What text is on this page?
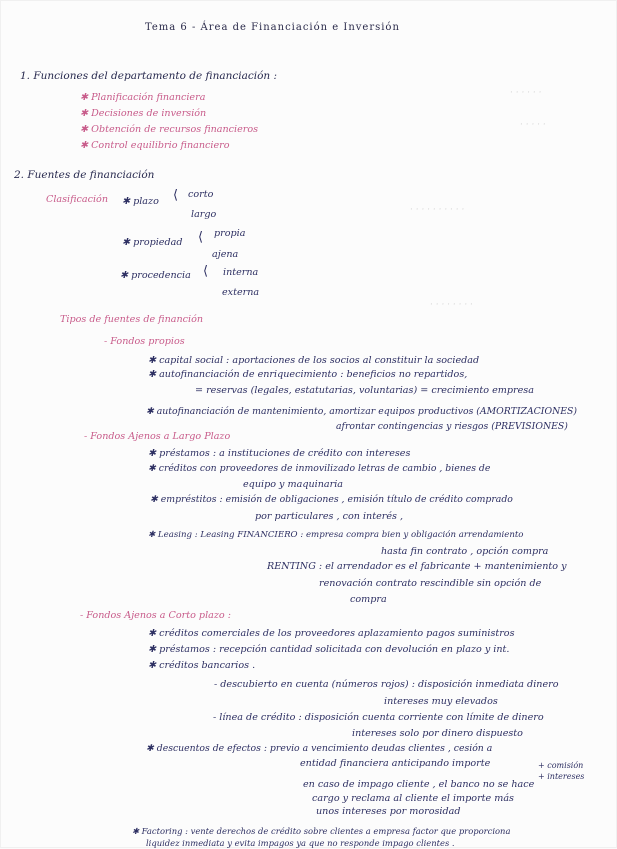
· · · · · ·
· · · · ·
· · · · · · · · · ·
· · · · · · · ·
Tema 6 - Área de Financiación e Inversión
1. Funciones del departamento de financiación :
✱ Planificación financiera
✱ Decisiones de inversión
✱ Obtención de recursos financieros
✱ Control equilibrio financiero
2. Fuentes de financiación
Clasificación ✱ plazo ⟨ corto
largo
✱ propiedad ⟨ propia
ajena
✱ procedencia ⟨ interna
externa
Tipos de fuentes de financión
- Fondos propios
✱ capital social : aportaciones de los socios al constituir la sociedad
✱ autofinanciación de enriquecimiento : beneficios no repartidos,
= reservas (legales, estatutarias, voluntarias) = crecimiento empresa
✱ autofinanciación de mantenimiento, amortizar equipos productivos (AMORTIZACIONES)
afrontar contingencias y riesgos (PREVISIONES)
- Fondos Ajenos a Largo Plazo
✱ préstamos : a instituciones de crédito con intereses
✱ créditos con proveedores de inmovilizado letras de cambio , bienes de
equipo y maquinaria
✱ empréstitos : emisión de obligaciones , emisión título de crédito comprado
por particulares , con interés ,
✱ Leasing : Leasing FINANCIERO : empresa compra bien y obligación arrendamiento
hasta fin contrato , opción compra
RENTING : el arrendador es el fabricante + mantenimiento y
renovación contrato rescindible sin opción de
compra
- Fondos Ajenos a Corto plazo :
✱ créditos comerciales de los proveedores aplazamiento pagos suministros
✱ préstamos : recepción cantidad solicitada con devolución en plazo y int.
✱ créditos bancarios .
- descubierto en cuenta (números rojos) : disposición inmediata dinero
intereses muy elevados
- línea de crédito : disposición cuenta corriente con límite de dinero
intereses solo por dinero dispuesto
✱ descuentos de efectos : previo a vencimiento deudas clientes , cesión a
entidad financiera anticipando importe	+ comisión
+ intereses
en caso de impago cliente , el banco no se hace
cargo y reclama al cliente el importe más
unos intereses por morosidad
✱ Factoring : vente derechos de crédito sobre clientes a empresa factor que proporciona
liquidez inmediata y evita impagos ya que no responde impago clientes .
